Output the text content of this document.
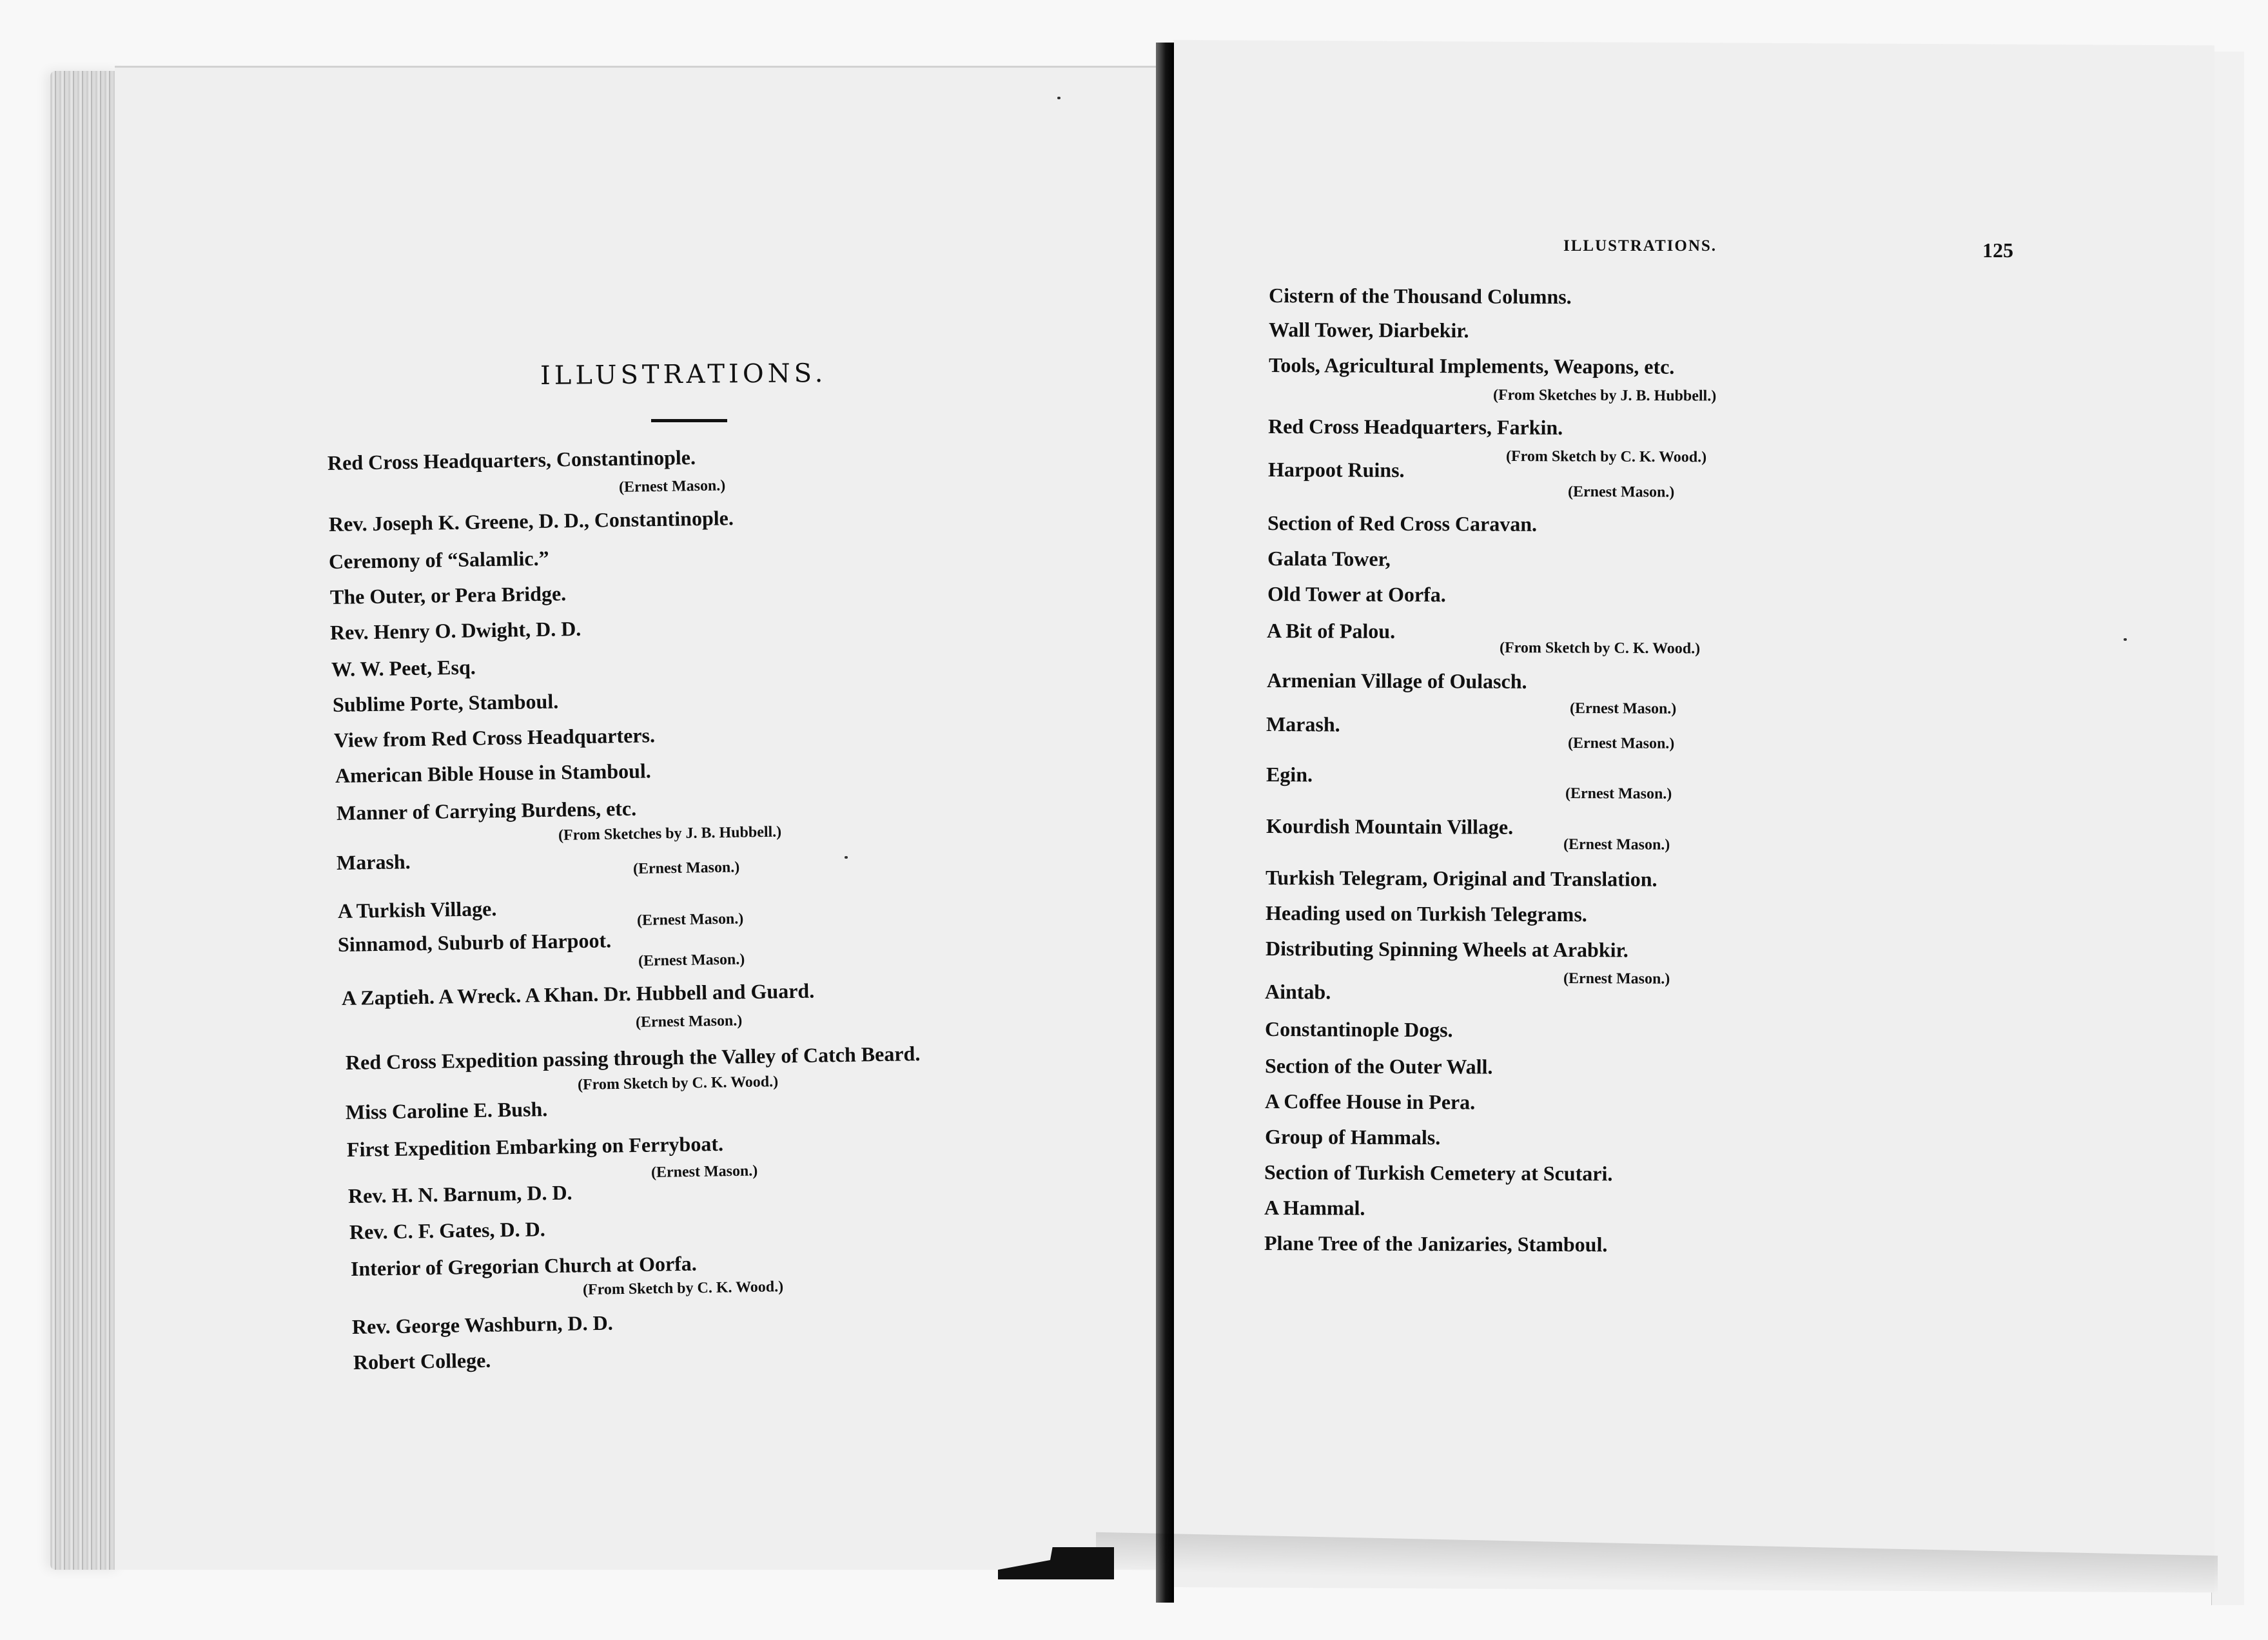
ILLUSTRATIONS.
Red Cross Headquarters, Constantinople.
(Ernest Mason.)
Rev. Joseph K. Greene, D. D., Constantinople.
Ceremony of “Salamlic.”
The Outer, or Pera Bridge.
Rev. Henry O. Dwight, D. D.
W. W. Peet, Esq.
Sublime Porte, Stamboul.
View from Red Cross Headquarters.
American Bible House in Stamboul.
Manner of Carrying Burdens, etc.
(From Sketches by J. B. Hubbell.)
Marash.	(Ernest Mason.)
A Turkish Village.	(Ernest Mason.)
Sinnamod, Suburb of Harpoot.
(Ernest Mason.)
A Zaptieh. A Wreck. A Khan. Dr. Hubbell and Guard.
(Ernest Mason.)
Red Cross Expedition passing through the Valley of Catch Beard.
(From Sketch by C. K. Wood.)
Miss Caroline E. Bush.
First Expedition Embarking on Ferryboat.
(Ernest Mason.)
Rev. H. N. Barnum, D. D.
Rev. C. F. Gates, D. D.
Interior of Gregorian Church at Oorfa.
(From Sketch by C. K. Wood.)
Rev. George Washburn, D. D.
Robert College.
ILLUSTRATIONS.	125
Cistern of the Thousand Columns.
Wall Tower, Diarbekir.
Tools, Agricultural Implements, Weapons, etc.
(From Sketches by J. B. Hubbell.)
Red Cross Headquarters, Farkin.
(From Sketch by C. K. Wood.)
Harpoot Ruins.
(Ernest Mason.)
Section of Red Cross Caravan.
Galata Tower,
Old Tower at Oorfa.
A Bit of Palou.
(From Sketch by C. K. Wood.)
Armenian Village of Oulasch.
(Ernest Mason.)
Marash.
(Ernest Mason.)
Egin.
(Ernest Mason.)
Kourdish Mountain Village.
(Ernest Mason.)
Turkish Telegram, Original and Translation.
Heading used on Turkish Telegrams.
Distributing Spinning Wheels at Arabkir.
(Ernest Mason.)
Aintab.
Constantinople Dogs.
Section of the Outer Wall.
A Coffee House in Pera.
Group of Hammals.
Section of Turkish Cemetery at Scutari.
A Hammal.
Plane Tree of the Janizaries, Stamboul.
